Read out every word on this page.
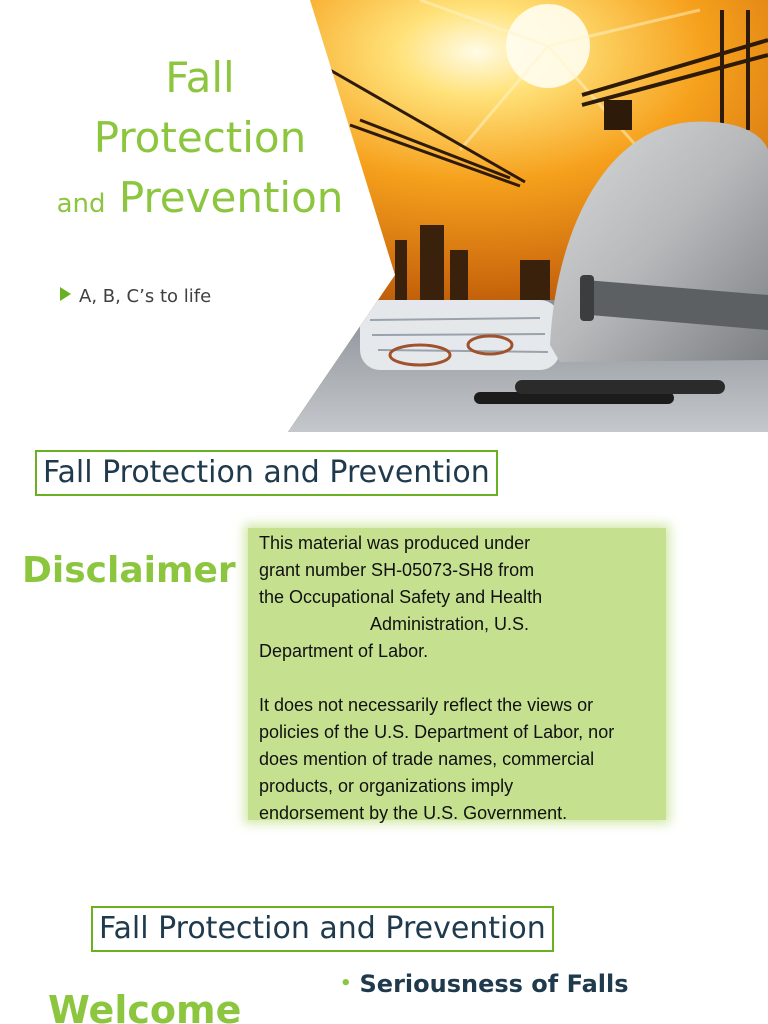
Fall
Protection
and Prevention
A, B, C’s to life
Fall Protection and Prevention
Disclaimer

This material was produced under

grant number SH-05073-SH8 from

the Occupational Safety and Health

Administration, U.S.

Department of Labor.

It does not necessarily reflect the views or

policies of the U.S. Department of Labor, nor

does mention of trade names, commercial

products, or organizations imply

endorsement by the U.S. Government.

Fall Protection and Prevention
• Seriousness of Falls
Welcome
